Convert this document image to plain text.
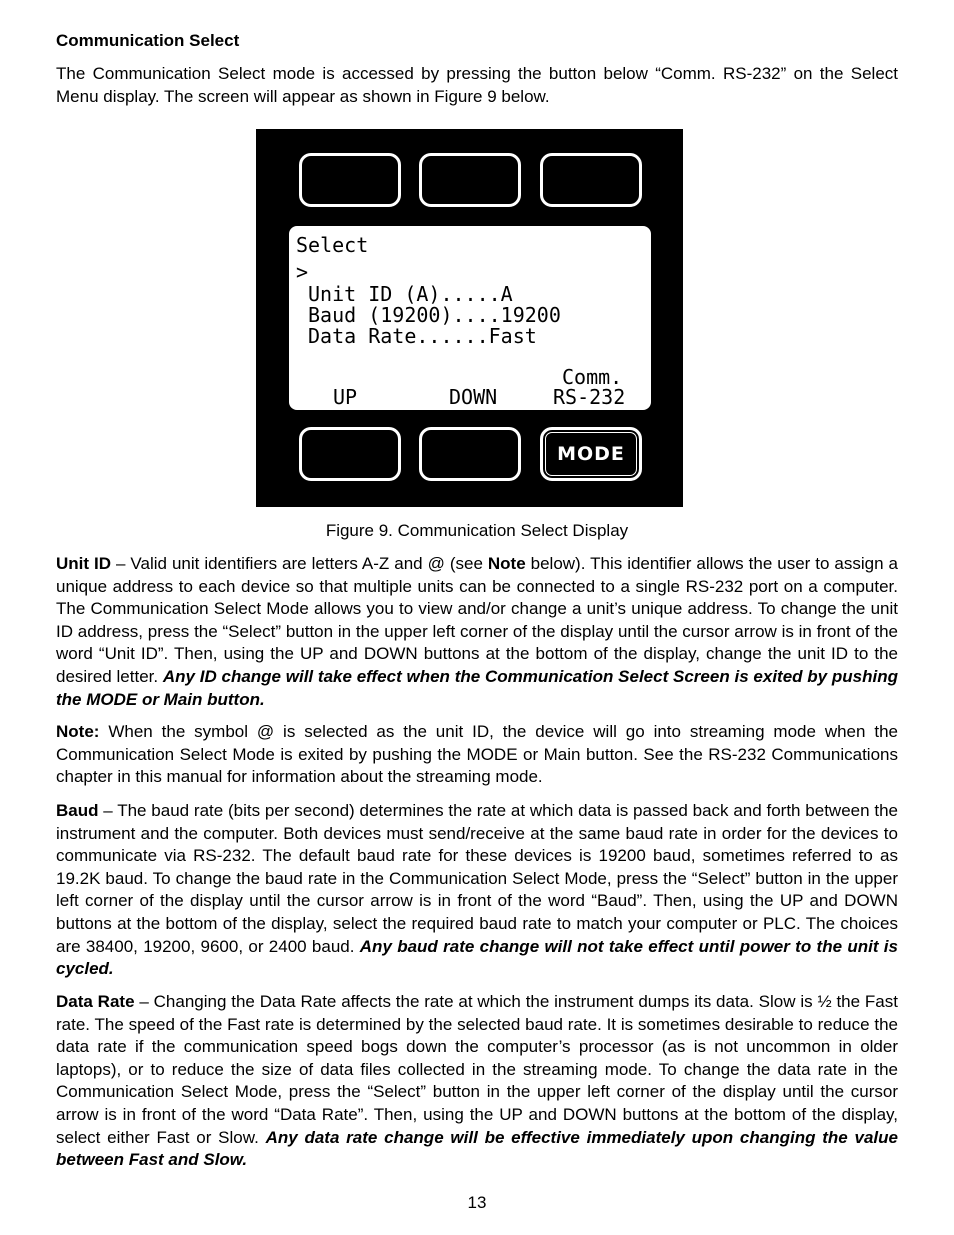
Communication Select

The Communication Select mode is accessed by pressing the button below “Comm. RS-232” on the Select Menu display. The screen will appear as shown in Figure 9 below.

Unit ID – Valid unit identifiers are letters A-Z and @ (see Note below). This identifier allows the user to assign a unique address to each device so that multiple units can be connected to a single RS-232 port on a computer. The Communication Select Mode allows you to view and/or change a unit’s unique address. To change the unit ID address, press the “Select” button in the upper left corner of the display until the cursor arrow is in front of the word “Unit ID”. Then, using the UP and DOWN buttons at the bottom of the display, change the unit ID to the desired letter. Any ID change will take effect when the Communication Select Screen is exited by pushing the MODE or Main button.

Note: When the symbol @ is selected as the unit ID, the device will go into streaming mode when the Communication Select Mode is exited by pushing the MODE or Main button. See the RS-232 Communications chapter in this manual for information about the streaming mode.

Baud – The baud rate (bits per second) determines the rate at which data is passed back and forth between the instrument and the computer. Both devices must send/receive at the same baud rate in order for the devices to communicate via RS-232. The default baud rate for these devices is 19200 baud, sometimes referred to as 19.2K baud. To change the baud rate in the Communication Select Mode, press the “Select” button in the upper left corner of the display until the cursor arrow is in front of the word “Baud”. Then, using the UP and DOWN buttons at the bottom of the display, select the required baud rate to match your computer or PLC. The choices are 38400, 19200, 9600, or 2400 baud. Any baud rate change will not take effect until power to the unit is cycled.

Data Rate – Changing the Data Rate affects the rate at which the instrument dumps its data. Slow is ½ the Fast rate. The speed of the Fast rate is determined by the selected baud rate. It is sometimes desirable to reduce the data rate if the communication speed bogs down the computer’s processor (as is not uncommon in older laptops), or to reduce the size of data files collected in the streaming mode. To change the data rate in the Communication Select Mode, press the “Select” button in the upper left corner of the display until the cursor arrow is in front of the word “Data Rate”. Then, using the UP and DOWN buttons at the bottom of the display, select either Fast or Slow. Any data rate change will be effective immediately upon changing the value between Fast and Slow.

Select
>
Unit ID (A).....A
Baud (19200)....19200
Data Rate......Fast
Comm.
UP	DOWN	RS-232
MODE
Figure 9. Communication Select Display
13
